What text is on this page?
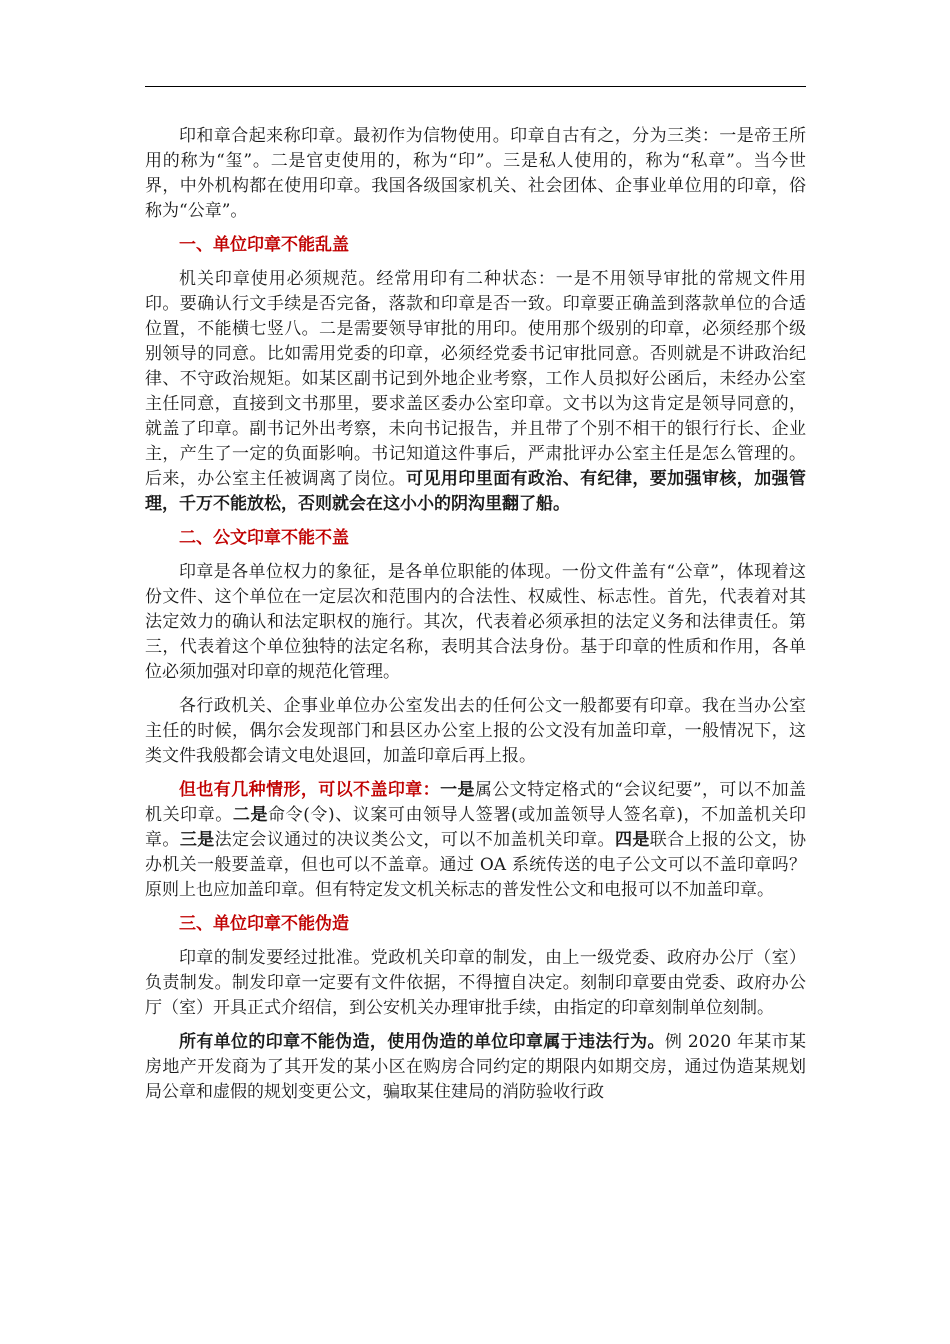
印和章合起来称印章。最初作为信物使用。印章自古有之，分为三类：一是帝王所用的称为“玺”。二是官吏使用的，称为“印”。三是私人使用的，称为“私章”。当今世界，中外机构都在使用印章。我国各级国家机关、社会团体、企事业单位用的印章，俗称为“公章”。

一、单位印章不能乱盖

机关印章使用必须规范。经常用印有二种状态：一是不用领导审批的常规文件用印。要确认行文手续是否完备，落款和印章是否一致。印章要正确盖到落款单位的合适位置，不能横七竖八。二是需要领导审批的用印。使用那个级别的印章，必须经那个级别领导的同意。比如需用党委的印章，必须经党委书记审批同意。否则就是不讲政治纪律、不守政治规矩。如某区副书记到外地企业考察，工作人员拟好公函后，未经办公室主任同意，直接到文书那里，要求盖区委办公室印章。文书以为这肯定是领导同意的，就盖了印章。副书记外出考察，未向书记报告，并且带了个别不相干的银行行长、企业主，产生了一定的负面影响。书记知道这件事后，严肃批评办公室主任是怎么管理的。后来，办公室主任被调离了岗位。可见用印里面有政治、有纪律，要加强审核，加强管理，千万不能放松，否则就会在这小小的阴沟里翻了船。

二、公文印章不能不盖

印章是各单位权力的象征，是各单位职能的体现。一份文件盖有“公章”，体现着这份文件、这个单位在一定层次和范围内的合法性、权威性、标志性。首先，代表着对其法定效力的确认和法定职权的施行。其次，代表着必须承担的法定义务和法律责任。第三，代表着这个单位独特的法定名称，表明其合法身份。基于印章的性质和作用，各单位必须加强对印章的规范化管理。

各行政机关、企事业单位办公室发出去的任何公文一般都要有印章。我在当办公室主任的时候，偶尔会发现部门和县区办公室上报的公文没有加盖印章，一般情况下，这类文件我般都会请文电处退回，加盖印章后再上报。

但也有几种情形，可以不盖印章：一是属公文特定格式的“会议纪要”，可以不加盖机关印章。二是命令(令)、议案可由领导人签署(或加盖领导人签名章)，不加盖机关印章。三是法定会议通过的决议类公文，可以不加盖机关印章。四是联合上报的公文，协办机关一般要盖章，但也可以不盖章。通过 OA 系统传送的电子公文可以不盖印章吗？原则上也应加盖印章。但有特定发文机关标志的普发性公文和电报可以不加盖印章。

三、单位印章不能伪造

印章的制发要经过批准。党政机关印章的制发，由上一级党委、政府办公厅（室）负责制发。制发印章一定要有文件依据，不得擅自决定。刻制印章要由党委、政府办公厅（室）开具正式介绍信，到公安机关办理审批手续，由指定的印章刻制单位刻制。

所有单位的印章不能伪造，使用伪造的单位印章属于违法行为。例 2020 年某市某房地产开发商为了其开发的某小区在购房合同约定的期限内如期交房，通过伪造某规划局公章和虚假的规划变更公文，骗取某住建局的消防验收行政
